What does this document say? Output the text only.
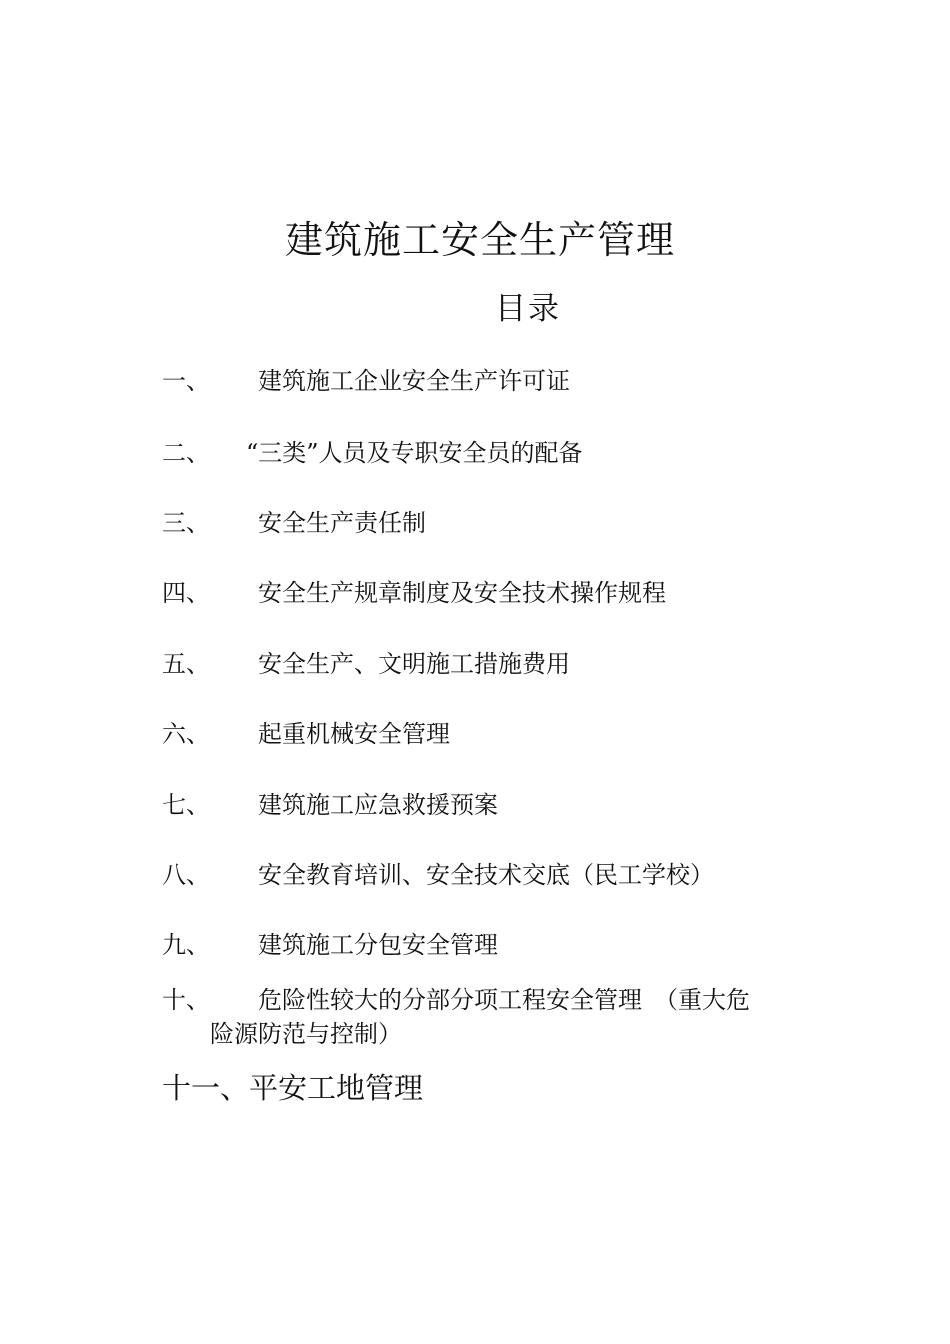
建筑施工安全生产管理
目录
一、 建筑施工企业安全生产许可证
二、 “三类”人员及专职安全员的配备
三、 安全生产责任制
四、 安全生产规章制度及安全技术操作规程
五、 安全生产、文明施工措施费用
六、 起重机械安全管理
七、 建筑施工应急救援预案
八、 安全教育培训、安全技术交底（民工学校）
九、 建筑施工分包安全管理
十、 危险性较大的分部分项工程安全管理　（重大危
险源防范与控制）
十一、平安工地管理
